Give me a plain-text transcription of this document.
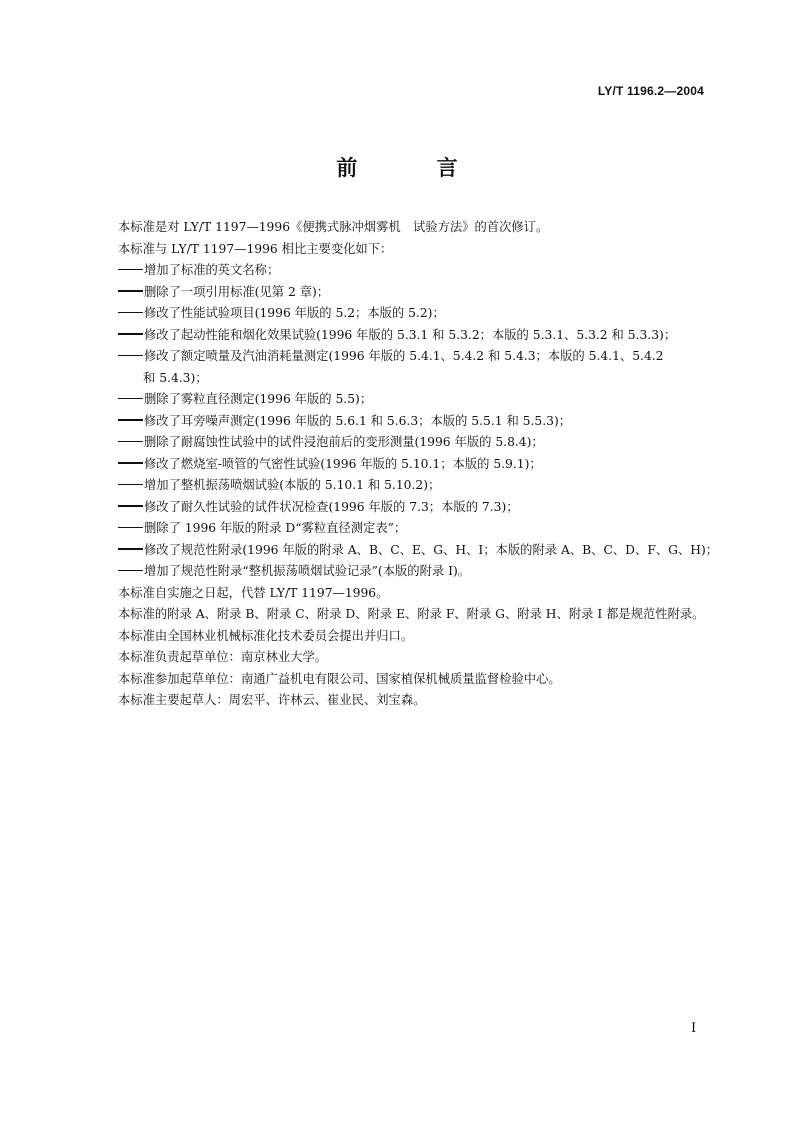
LY/T 1196.2—2004
前 言

本标准是对 LY/T 1197—1996《便携式脉冲烟雾机　试验方法》的首次修订。

本标准与 LY/T 1197—1996 相比主要变化如下：

增加了标准的英文名称；

删除了一项引用标准(见第 2 章)；

修改了性能试验项目(1996 年版的 5.2；本版的 5.2)；

修改了起动性能和烟化效果试验(1996 年版的 5.3.1 和 5.3.2；本版的 5.3.1、5.3.2 和 5.3.3)；

修改了额定喷量及汽油消耗量测定(1996 年版的 5.4.1、5.4.2 和 5.4.3；本版的 5.4.1、5.4.2
和 5.4.3)；

删除了雾粒直径测定(1996 年版的 5.5)；

修改了耳旁噪声测定(1996 年版的 5.6.1 和 5.6.3；本版的 5.5.1 和 5.5.3)；

删除了耐腐蚀性试验中的试件浸泡前后的变形测量(1996 年版的 5.8.4)；

修改了燃烧室-喷管的气密性试验(1996 年版的 5.10.1；本版的 5.9.1)；

增加了整机振荡喷烟试验(本版的 5.10.1 和 5.10.2)；

修改了耐久性试验的试件状况检查(1996 年版的 7.3；本版的 7.3)；

删除了 1996 年版的附录 D“雾粒直径测定表”；

修改了规范性附录(1996 年版的附录 A、B、C、E、G、H、I；本版的附录 A、B、C、D、F、G、H)；

增加了规范性附录“整机振荡喷烟试验记录”(本版的附录 I)。

本标准自实施之日起，代替 LY/T 1197—1996。

本标准的附录 A、附录 B、附录 C、附录 D、附录 E、附录 F、附录 G、附录 H、附录 I 都是规范性附录。

本标准由全国林业机械标准化技术委员会提出并归口。

本标准负责起草单位：南京林业大学。

本标准参加起草单位：南通广益机电有限公司、国家植保机械质量监督检验中心。

本标准主要起草人：周宏平、许林云、崔业民、刘宝森。

I
